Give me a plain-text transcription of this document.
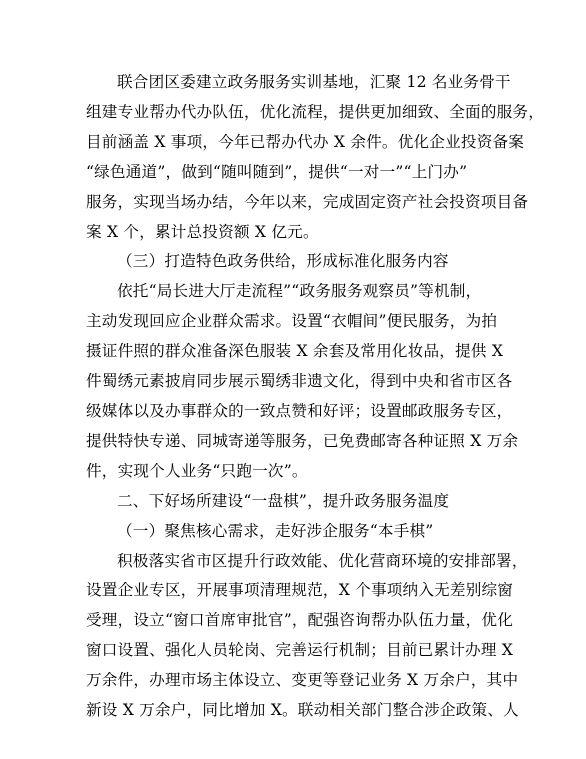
联合团区委建立政务服务实训基地，汇聚 12 名业务骨干
组建专业帮办代办队伍，优化流程，提供更加细致、全面的服务，
目前涵盖 X 事项，今年已帮办代办 X 余件。优化企业投资备案
“绿色通道”，做到“随叫随到”，提供“一对一”“上门办”
服务，实现当场办结，今年以来，完成固定资产社会投资项目备
案 X 个，累计总投资额 X 亿元。
（三）打造特色政务供给，形成标准化服务内容
依托“局长进大厅走流程”“政务服务观察员”等机制，
主动发现回应企业群众需求。设置“衣帽间”便民服务，为拍
摄证件照的群众准备深色服装 X 余套及常用化妆品，提供 X
件蜀绣元素披肩同步展示蜀绣非遗文化，得到中央和省市区各
级媒体以及办事群众的一致点赞和好评；设置邮政服务专区，
提供特快专递、同城寄递等服务，已免费邮寄各种证照 X 万余
件，实现个人业务“只跑一次”。
二、下好场所建设“一盘棋”，提升政务服务温度
（一）聚焦核心需求，走好涉企服务“本手棋”
积极落实省市区提升行政效能、优化营商环境的安排部署，
设置企业专区，开展事项清理规范，X 个事项纳入无差别综窗
受理，设立“窗口首席审批官”，配强咨询帮办队伍力量，优化
窗口设置、强化人员轮岗、完善运行机制；目前已累计办理 X
万余件，办理市场主体设立、变更等登记业务 X 万余户，其中
新设 X 万余户，同比增加 X。联动相关部门整合涉企政策、人
